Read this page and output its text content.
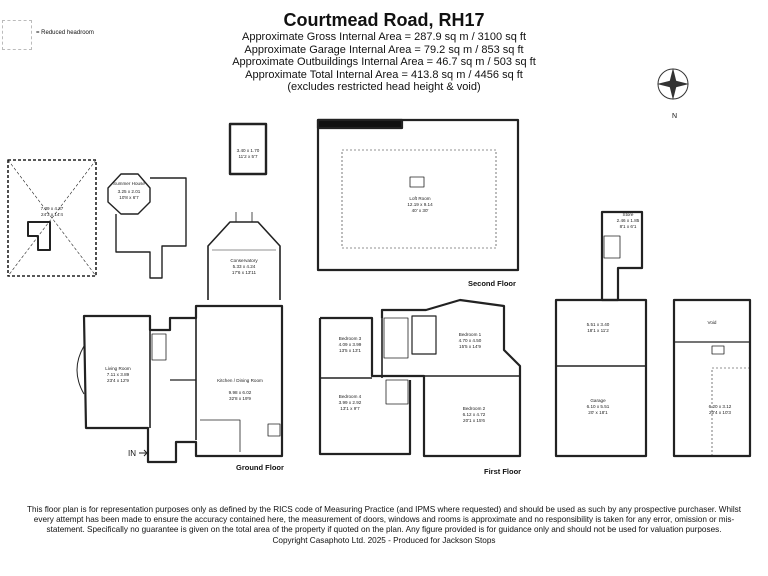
= Reduced headroom
Courtmead Road, RH17
Approximate Gross Internal Area = 287.9 sq m / 3100 sq ft
Approximate Garage Internal Area = 79.2 sq m / 853 sq ft
Approximate Outbuildings Internal Area = 46.7 sq m / 503 sq ft
Approximate Total Internal Area = 413.8 sq m / 4456 sq ft
(excludes restricted head height & void)
7.39 x 4.37
24'3 x 14'4
Summer House
3.25 x 2.01
10'8 x 6'7
3.40 x 1.70
11'2 x 5'7
Loft Room
12.19 x 9.14
40' x 30'
Conservatory
5.33 x 4.24
17'6 x 13'11
Living Room
7.11 x 3.89
23'4 x 12'9	Kitchen / Dining Room
9.98 x 6.02
32'8 x 19'9
Bedroom 1
4.70 x 4.50
15'5 x 14'9
Bedroom 2
6.12 x 4.72
20'1 x 15'6
Bedroom 3
4.09 x 3.99
13'5 x 13'1
Bedroom 4
3.99 x 2.92
13'1 x 9'7
Store
2.46 x 1.85
8'1 x 6'1
5.51 x 3.40
18'1 x 11'2
Garage
6.10 x 5.51
20' x 18'1
Void
6.20 x 3.12
20'4 x 10'3
Ground Floor	First Floor
Second Floor
N
IN
This floor plan is for representation purposes only as defined by the RICS code of Measuring Practice (and IPMS where requested) and should be used as such by any prospective purchaser. Whilst every attempt has been made to ensure the accuracy contained here, the measurement of doors, windows and rooms is approximate and no responsibility is taken for any error, omission or mis-statement. Specifically no guarantee is given on the total area of the property if quoted on the plan. Any figure provided is for guidance only and should not be used for valuation purposes.
Copyright Casaphoto Ltd. 2025 - Produced for Jackson Stops
